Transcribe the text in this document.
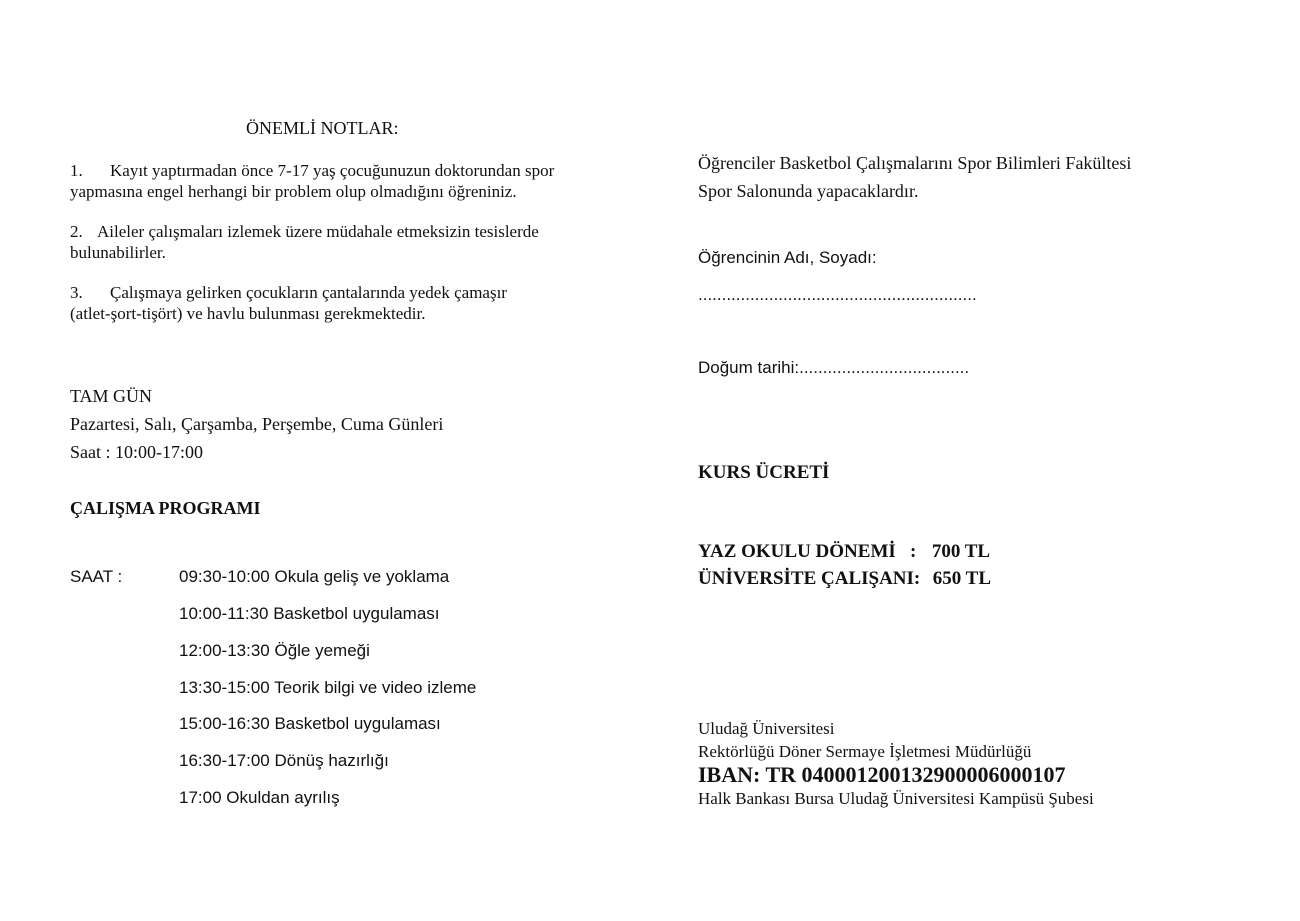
ÖNEMLİ NOTLAR:
1. Kayıt yaptırmadan önce 7-17 yaş çocuğunuzun doktorundan spor
yapmasına engel herhangi bir problem olup olmadığını öğreniniz.
2. Aileler çalışmaları izlemek üzere müdahale etmeksizin tesislerde
bulunabilirler.
3. Çalışmaya gelirken çocukların çantalarında yedek çamaşır
(atlet-şort-tişört) ve havlu bulunması gerekmektedir.
TAM GÜN
Pazartesi, Salı, Çarşamba, Perşembe, Cuma Günleri
Saat : 10:00-17:00
ÇALIŞMA PROGRAMI
SAAT :	09:30-10:00 Okula geliş ve yoklama
10:00-11:30 Basketbol uygulaması
12:00-13:30 Öğle yemeği
13:30-15:00 Teorik bilgi ve video izleme
15:00-16:30 Basketbol uygulaması
16:30-17:00 Dönüş hazırlığı
17:00 Okuldan ayrılış
Öğrenciler Basketbol Çalışmalarını Spor Bilimleri Fakültesi
Spor Salonunda yapacaklardır.
Öğrencinin Adı, Soyadı:
...........................................................
Doğum tarihi:....................................
KURS ÜCRETİ
YAZ OKULU DÖNEMİ   : 700 TL
ÜNİVERSİTE ÇALIŞANI: 650 TL
Uludağ Üniversitesi
Rektörlüğü Döner Sermaye İşletmesi Müdürlüğü
IBAN: TR 040001200132900006000107
Halk Bankası Bursa Uludağ Üniversitesi Kampüsü Şubesi
